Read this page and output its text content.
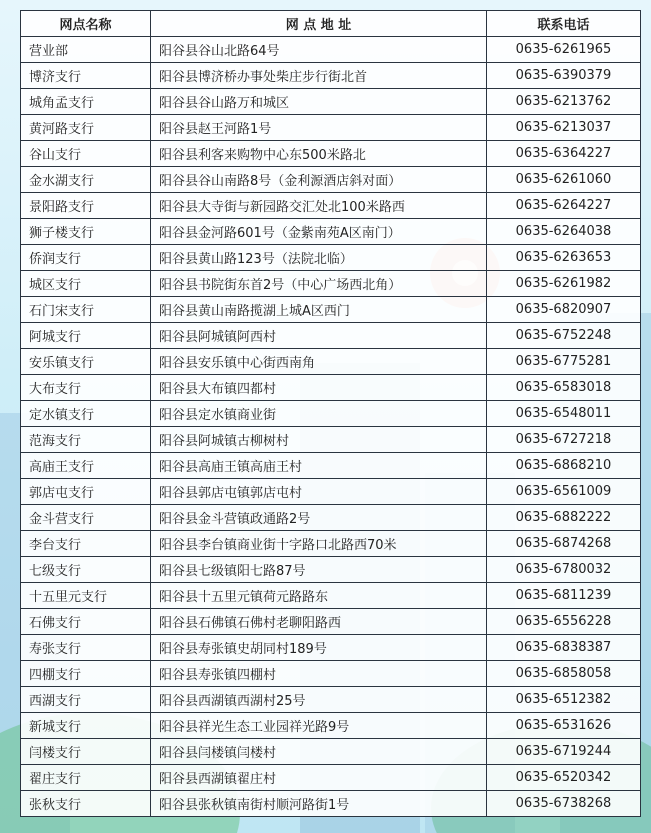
网点名称	网 点 地 址	联系电话
营业部	阳谷县谷山北路64号	0635-6261965
博济支行	阳谷县博济桥办事处柴庄步行街北首	0635-6390379
城角孟支行	阳谷县谷山路万和城区	0635-6213762
黄河路支行	阳谷县赵王河路1号	0635-6213037
谷山支行	阳谷县利客来购物中心东500米路北	0635-6364227
金水湖支行	阳谷县谷山南路8号（金利源酒店斜对面）	0635-6261060
景阳路支行	阳谷县大寺街与新园路交汇处北100米路西	0635-6264227
狮子楼支行	阳谷县金河路601号（金紫南苑A区南门）	0635-6264038
侨润支行	阳谷县黄山路123号（法院北临）	0635-6263653
城区支行	阳谷县书院街东首2号（中心广场西北角）	0635-6261982
石门宋支行	阳谷县黄山南路揽湖上城A区西门	0635-6820907
阿城支行	阳谷县阿城镇阿西村	0635-6752248
安乐镇支行	阳谷县安乐镇中心街西南角	0635-6775281
大布支行	阳谷县大布镇四都村	0635-6583018
定水镇支行	阳谷县定水镇商业街	0635-6548011
范海支行	阳谷县阿城镇古柳树村	0635-6727218
高庙王支行	阳谷县高庙王镇高庙王村	0635-6868210
郭店屯支行	阳谷县郭店屯镇郭店屯村	0635-6561009
金斗营支行	阳谷县金斗营镇政通路2号	0635-6882222
李台支行	阳谷县李台镇商业街十字路口北路西70米	0635-6874268
七级支行	阳谷县七级镇阳七路87号	0635-6780032
十五里元支行	阳谷县十五里元镇荷元路路东	0635-6811239
石佛支行	阳谷县石佛镇石佛村老聊阳路西	0635-6556228
寿张支行	阳谷县寿张镇史胡同村189号	0635-6838387
四棚支行	阳谷县寿张镇四棚村	0635-6858058
西湖支行	阳谷县西湖镇西湖村25号	0635-6512382
新城支行	阳谷县祥光生态工业园祥光路9号	0635-6531626
闫楼支行	阳谷县闫楼镇闫楼村	0635-6719244
翟庄支行	阳谷县西湖镇翟庄村	0635-6520342
张秋支行	阳谷县张秋镇南街村顺河路街1号	0635-6738268
